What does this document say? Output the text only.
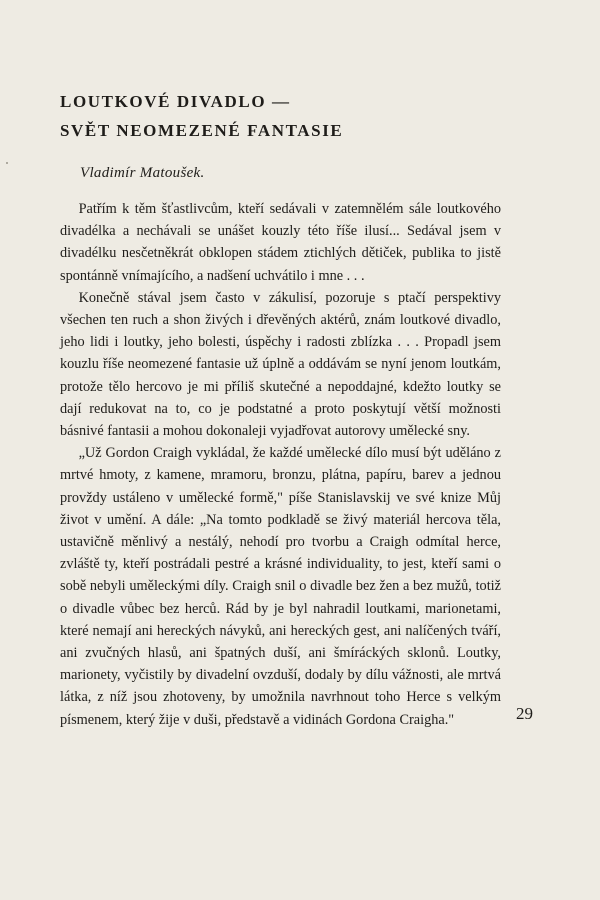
LOUTKOVÉ DIVADLO —
SVĚT NEOMEZENÉ FANTASIE
Vladimír Matoušek.

Patřím k těm šťastlivcům, kteří sedávali v zatemnělém sále loutkového divadélka a nechávali se unášet kouzly této říše ilusí... Sedával jsem v divadélku nesčetněkrát obklopen stádem ztichlých dětiček, publika to jistě spontánně vnímajícího, a nadšení uchvátilo i mne . . .

Konečně stával jsem často v zákulisí, pozoruje s ptačí perspektivy všechen ten ruch a shon živých i dřevěných aktérů, znám loutkové divadlo, jeho lidi i loutky, jeho bolesti, úspěchy i radosti zblízka . . . Propadl jsem kouzlu říše neomezené fantasie už úplně a oddávám se nyní jenom loutkám, protože tělo hercovo je mi příliš skutečné a nepoddajné, kdežto loutky se dají redukovat na to, co je podstatné a proto poskytují větší možnosti básnivé fantasii a mohou dokonaleji vyjadřovat autorovy umělecké sny.

„Už Gordon Craigh vykládal, že každé umělecké dílo musí být uděláno z mrtvé hmoty, z kamene, mramoru, bronzu, plátna, papíru, barev a jednou provždy ustáleno v umělecké formě," píše Stanislavskij ve své knize Můj život v umění. A dále: „Na tomto podkladě se živý materiál hercova těla, ustavičně měnlivý a nestálý, nehodí pro tvorbu a Craigh odmítal herce, zvláště ty, kteří postrádali pestré a krásné individuality, to jest, kteří sami o sobě nebyli uměleckými díly. Craigh snil o divadle bez žen a bez mužů, totiž o divadle vůbec bez herců. Rád by je byl nahradil loutkami, marionetami, které nemají ani hereckých návyků, ani hereckých gest, ani nalíčených tváří, ani zvučných hlasů, ani špatných duší, ani šmíráckých sklonů. Loutky, marionety, vyčistily by divadelní ovzduší, dodaly by dílu vážnosti, ale mrtvá látka, z níž jsou zhotoveny, by umožnila navrhnout toho Herce s velkým písmenem, který žije v duši, představě a vidinách Gordona Craigha."	29
